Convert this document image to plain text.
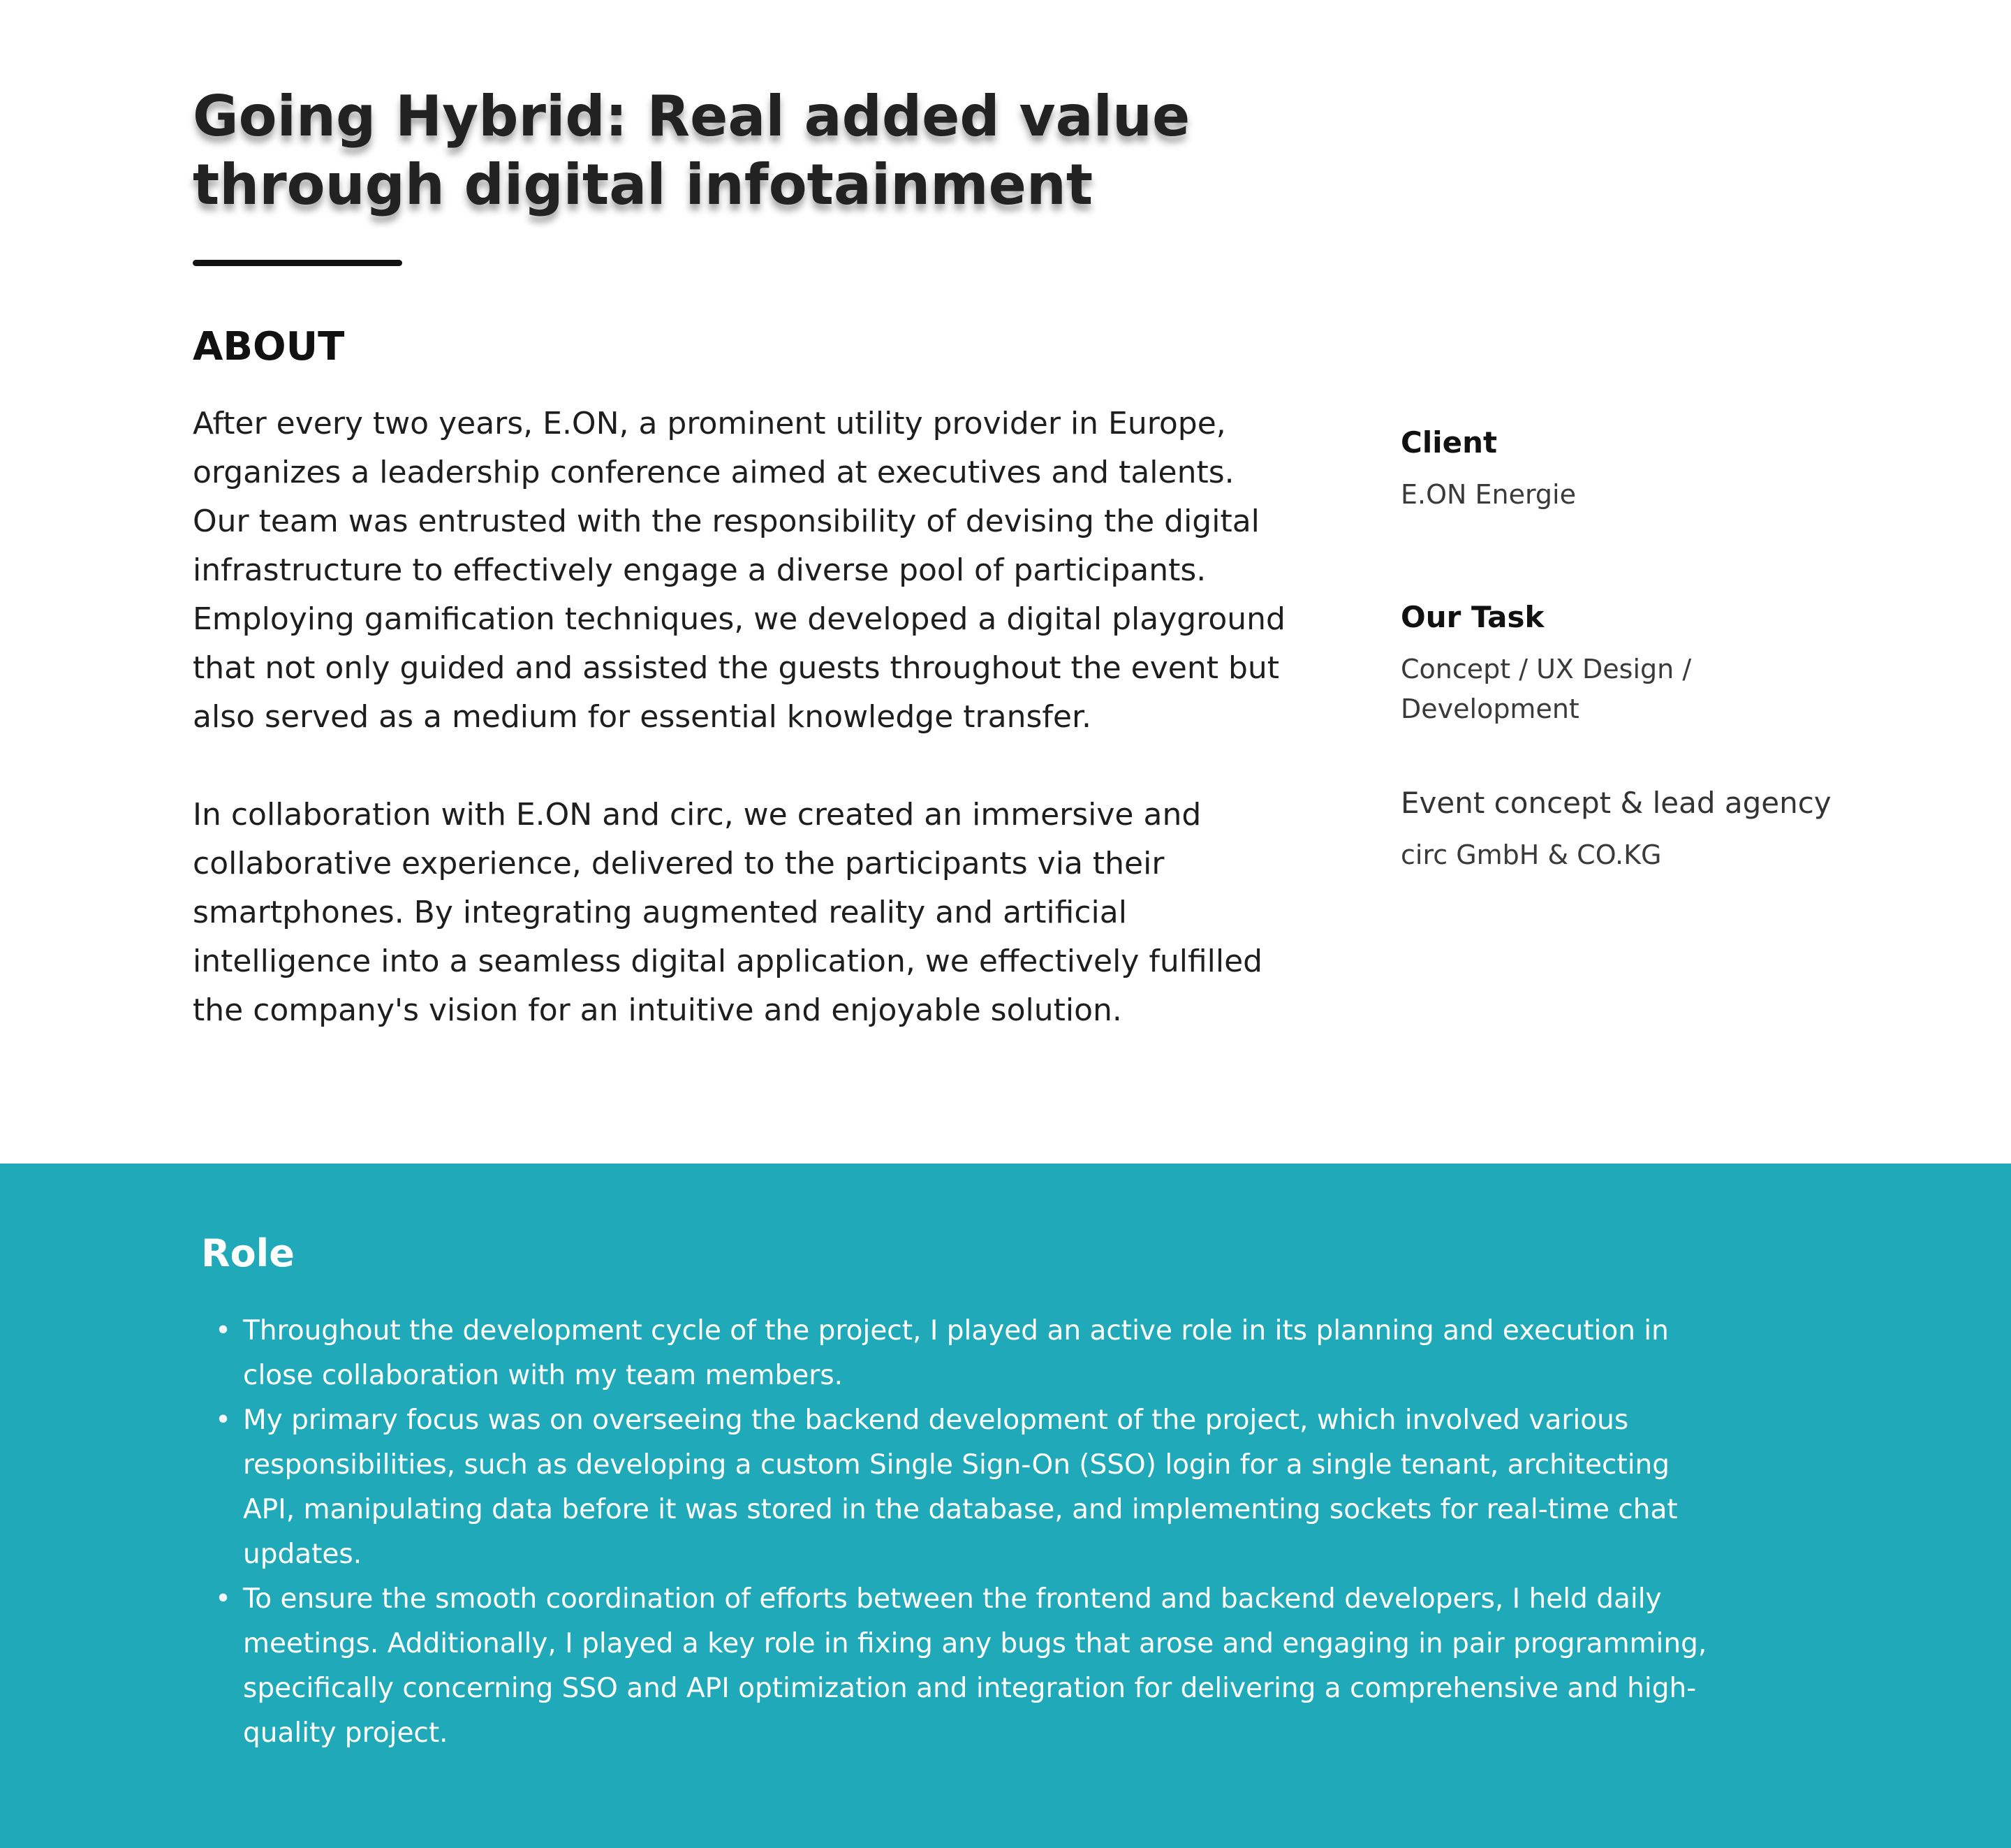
Going Hybrid: Real added value through digital infotainment
ABOUT

After every two years, E.ON, a prominent utility provider in Europe, organizes a leadership conference aimed at executives and talents. Our team was entrusted with the responsibility of devising the digital infrastructure to effectively engage a diverse pool of participants. Employing gamification techniques, we developed a digital playground that not only guided and assisted the guests throughout the event but also served as a medium for essential knowledge transfer.

In collaboration with E.ON and circ, we created an immersive and collaborative experience, delivered to the participants via their smartphones. By integrating augmented reality and artificial intelligence into a seamless digital application, we effectively fulfilled the company's vision for an intuitive and enjoyable solution.

Client

E.ON Energie

Our Task

Concept / UX Design / Development

Event concept & lead agency

circ GmbH & CO.KG

Role
• Throughout the development cycle of the project, I played an active role in its planning and execution in close collaboration with my team members.
• My primary focus was on overseeing the backend development of the project, which involved various responsibilities, such as developing a custom Single Sign-On (SSO) login for a single tenant, architecting API, manipulating data before it was stored in the database, and implementing sockets for real-time chat updates.
• To ensure the smooth coordination of efforts between the frontend and backend developers, I held daily meetings. Additionally, I played a key role in fixing any bugs that arose and engaging in pair programming, specifically concerning SSO and API optimization and integration for delivering a comprehensive and high-quality project.
